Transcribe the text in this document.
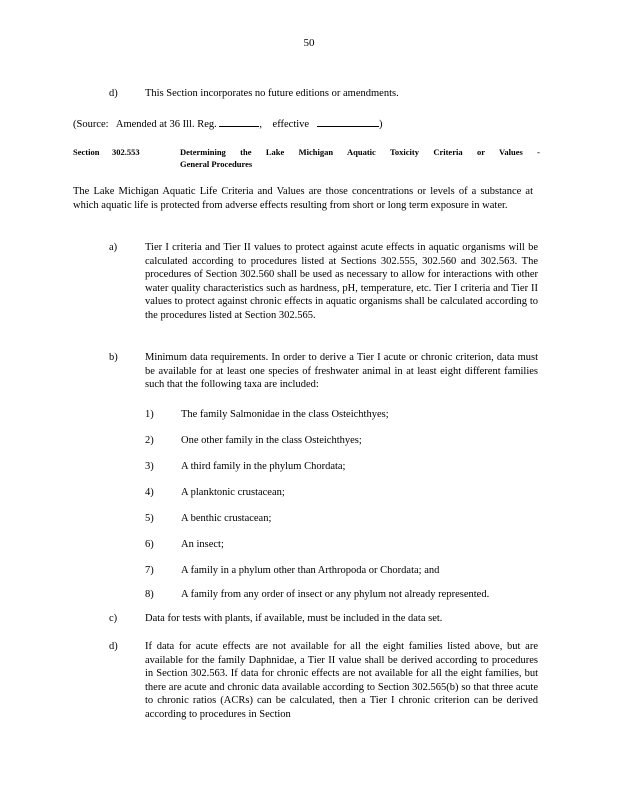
50
d)	This Section incorporates no future editions or amendments.
(Source: Amended at 36 Ill. Reg.	, effective	)
Section 302.553	Determining the Lake Michigan Aquatic Toxicity Criteria or Values -
General Procedures
The Lake Michigan Aquatic Life Criteria and Values are those concentrations or levels of a substance at which aquatic life is protected from adverse effects resulting from short or long term exposure in water.
a)	Tier I criteria and Tier II values to protect against acute effects in aquatic organisms will be calculated according to procedures listed at Sections 302.555, 302.560 and 302.563. The procedures of Section 302.560 shall be used as necessary to allow for interactions with other water quality characteristics such as hardness, pH, temperature, etc. Tier I criteria and Tier II values to protect against chronic effects in aquatic organisms shall be calculated according to the procedures listed at Section 302.565.
b)	Minimum data requirements. In order to derive a Tier I acute or chronic criterion, data must be available for at least one species of freshwater animal in at least eight different families such that the following taxa are included:
1)	The family Salmonidae in the class Osteichthyes;
2)	One other family in the class Osteichthyes;
3)	A third family in the phylum Chordata;
4)	A planktonic crustacean;
5)	A benthic crustacean;
6)	An insect;
7)	A family in a phylum other than Arthropoda or Chordata; and
8)	A family from any order of insect or any phylum not already represented.
c)	Data for tests with plants, if available, must be included in the data set.
d)	If data for acute effects are not available for all the eight families listed above, but are available for the family Daphnidae, a Tier II value shall be derived according to procedures in Section 302.563. If data for chronic effects are not available for all the eight families, but there are acute and chronic data available according to Section 302.565(b) so that three acute to chronic ratios (ACRs) can be calculated, then a Tier I chronic criterion can be derived according to procedures in Section
